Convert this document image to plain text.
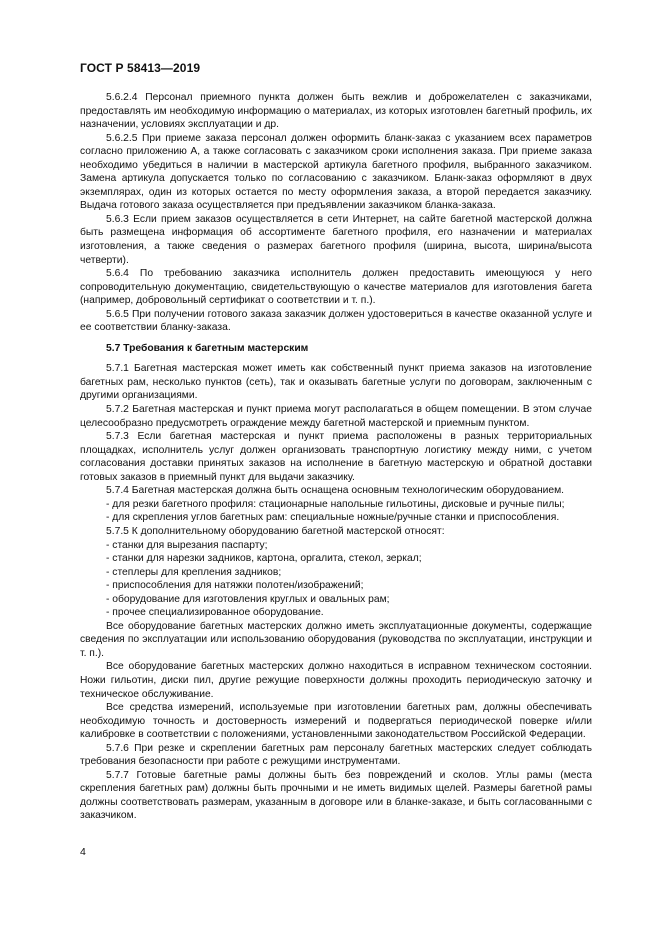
ГОСТ Р 58413—2019

5.6.2.4 Персонал приемного пункта должен быть вежлив и доброжелателен с заказчиками, предоставлять им необходимую информацию о материалах, из которых изготовлен багетный профиль, их назначении, условиях эксплуатации и др.

5.6.2.5 При приеме заказа персонал должен оформить бланк-заказ с указанием всех параметров согласно приложению А, а также согласовать с заказчиком сроки исполнения заказа. При приеме заказа необходимо убедиться в наличии в мастерской артикула багетного профиля, выбранного заказчиком. Замена артикула допускается только по согласованию с заказчиком. Бланк-заказ оформляют в двух экземплярах, один из которых остается по месту оформления заказа, а второй передается заказчику. Выдача готового заказа осуществляется при предъявлении заказчиком бланка-заказа.

5.6.3 Если прием заказов осуществляется в сети Интернет, на сайте багетной мастерской должна быть размещена информация об ассортименте багетного профиля, его назначении и материалах изготовления, а также сведения о размерах багетного профиля (ширина, высота, ширина/высота четверти).

5.6.4 По требованию заказчика исполнитель должен предоставить имеющуюся у него сопроводительную документацию, свидетельствующую о качестве материалов для изготовления багета (например, добровольный сертификат о соответствии и т. п.).

5.6.5 При получении готового заказа заказчик должен удостовериться в качестве оказанной услуге и ее соответствии бланку-заказа.

5.7 Требования к багетным мастерским

5.7.1 Багетная мастерская может иметь как собственный пункт приема заказов на изготовление багетных рам, несколько пунктов (сеть), так и оказывать багетные услуги по договорам, заключенным с другими организациями.

5.7.2 Багетная мастерская и пункт приема могут располагаться в общем помещении. В этом случае целесообразно предусмотреть ограждение между багетной мастерской и приемным пунктом.

5.7.3 Если багетная мастерская и пункт приема расположены в разных территориальных площадках, исполнитель услуг должен организовать транспортную логистику между ними, с учетом согласования доставки принятых заказов на исполнение в багетную мастерскую и обратной доставки готовых заказов в приемный пункт для выдачи заказчику.

5.7.4 Багетная мастерская должна быть оснащена основным технологическим оборудованием.

- для резки багетного профиля: стационарные напольные гильотины, дисковые и ручные пилы;

- для скрепления углов багетных рам: специальные ножные/ручные станки и приспособления.

5.7.5 К дополнительному оборудованию багетной мастерской относят:

- станки для вырезания паспарту;

- станки для нарезки задников, картона, оргалита, стекол, зеркал;

- степлеры для крепления задников;

- приспособления для натяжки полотен/изображений;

- оборудование для изготовления круглых и овальных рам;

- прочее специализированное оборудование.

Все оборудование багетных мастерских должно иметь эксплуатационные документы, содержащие сведения по эксплуатации или использованию оборудования (руководства по эксплуатации, инструкции и т. п.).

Все оборудование багетных мастерских должно находиться в исправном техническом состоянии. Ножи гильотин, диски пил, другие режущие поверхности должны проходить периодическую заточку и техническое обслуживание.

Все средства измерений, используемые при изготовлении багетных рам, должны обеспечивать необходимую точность и достоверность измерений и подвергаться периодической поверке и/или калибровке в соответствии с положениями, установленными законодательством Российской Федерации.

5.7.6 При резке и скреплении багетных рам персоналу багетных мастерских следует соблюдать требования безопасности при работе с режущими инструментами.

5.7.7 Готовые багетные рамы должны быть без повреждений и сколов. Углы рамы (места скрепления багетных рам) должны быть прочными и не иметь видимых щелей. Размеры багетной рамы должны соответствовать размерам, указанным в договоре или в бланке-заказе, и быть согласованными с заказчиком.

4
